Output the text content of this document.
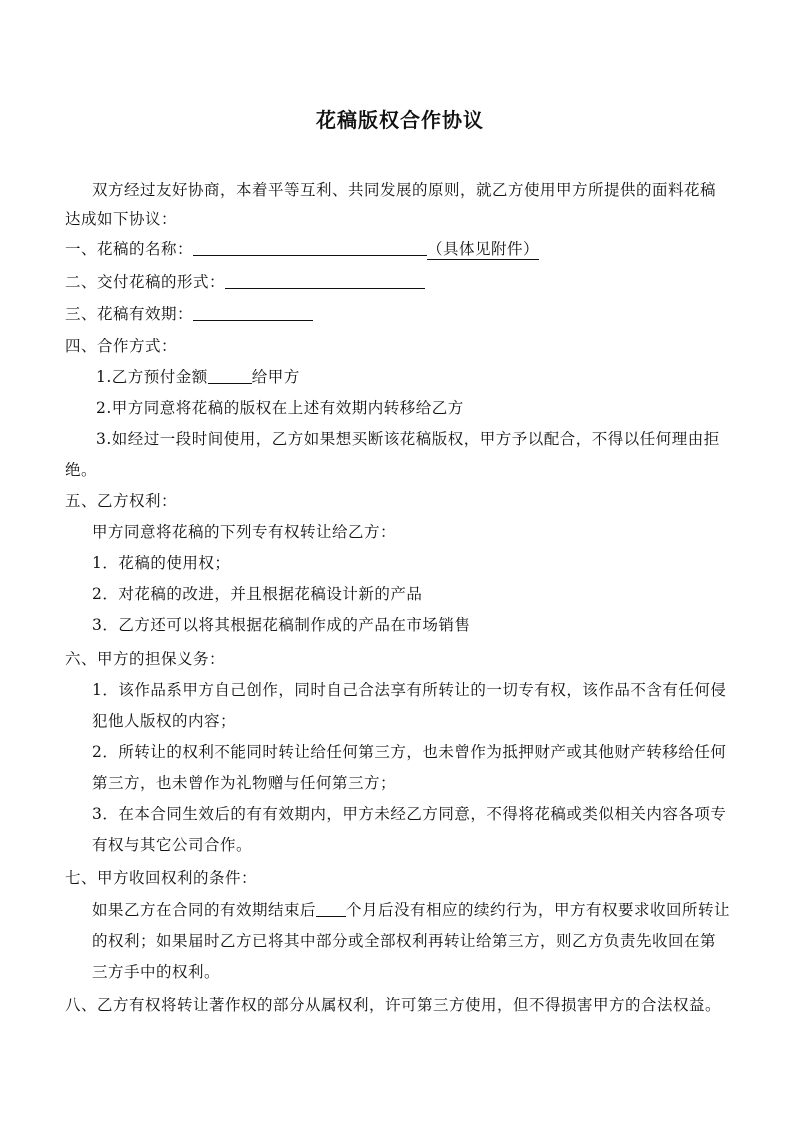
花稿版权合作协议
双方经过友好协商，本着平等互利、共同发展的原则，就乙方使用甲方所提供的面料花稿
达成如下协议：
一、花稿的名称：	（具体见附件）
二、交付花稿的形式：
三、花稿有效期：
四、合作方式：
1.乙方预付金额	给甲方
2.甲方同意将花稿的版权在上述有效期内转移给乙方
3.如经过一段时间使用，乙方如果想买断该花稿版权，甲方予以配合，不得以任何理由拒
绝。
五、乙方权利：
甲方同意将花稿的下列专有权转让给乙方：
1．花稿的使用权；
2．对花稿的改进，并且根据花稿设计新的产品
3．乙方还可以将其根据花稿制作成的产品在市场销售
六、甲方的担保义务：
1．该作品系甲方自己创作，同时自己合法享有所转让的一切专有权，该作品不含有任何侵
犯他人版权的内容；
2．所转让的权利不能同时转让给任何第三方，也未曾作为抵押财产或其他财产转移给任何
第三方，也未曾作为礼物赠与任何第三方；
3．在本合同生效后的有有效期内，甲方未经乙方同意，不得将花稿或类似相关内容各项专
有权与其它公司合作。
七、甲方收回权利的条件：
如果乙方在合同的有效期结束后 个月后没有相应的续约行为，甲方有权要求收回所转让
的权利；如果届时乙方已将其中部分或全部权利再转让给第三方，则乙方负责先收回在第
三方手中的权利。
八、乙方有权将转让著作权的部分从属权利，许可第三方使用，但不得损害甲方的合法权益。
